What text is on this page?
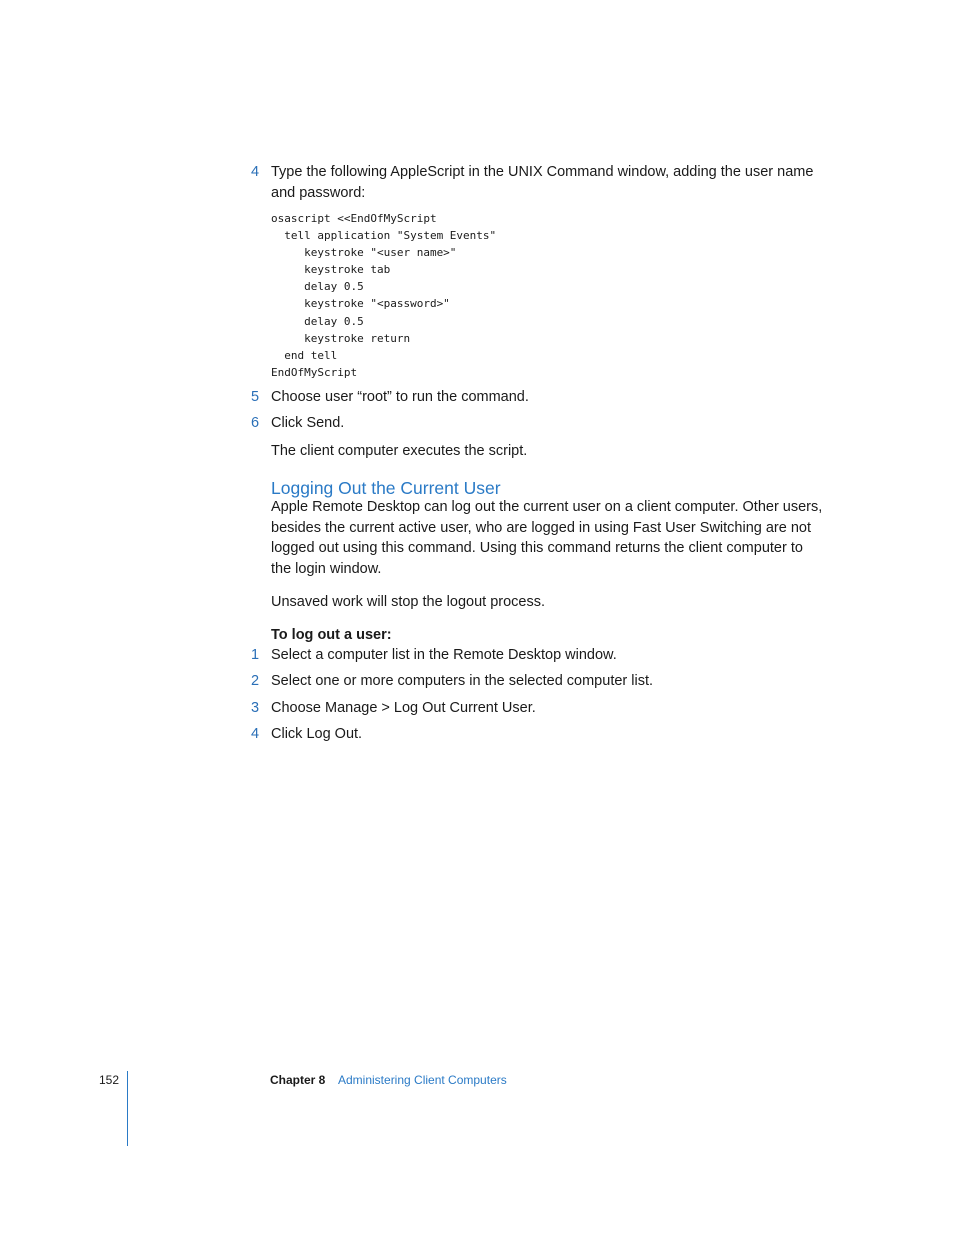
4 Type the following AppleScript in the UNIX Command window, adding the user name and password:
osascript <<EndOfMyScript
tell application "System Events"
keystroke "<user name>"
keystroke tab
delay 0.5
keystroke "<password>"
delay 0.5
keystroke return
end tell
EndOfMyScript
5 Choose user “root” to run the command.
6 Click Send.

The client computer executes the script.

Logging Out the Current User

Apple Remote Desktop can log out the current user on a client computer. Other users, besides the current active user, who are logged in using Fast User Switching are not logged out using this command. Using this command returns the client computer to the login window.

Unsaved work will stop the logout process.

To log out a user:
1 Select a computer list in the Remote Desktop window.
2 Select one or more computers in the selected computer list.
3 Choose Manage > Log Out Current User.
4 Click Log Out.
152	Chapter 8 Administering Client Computers
